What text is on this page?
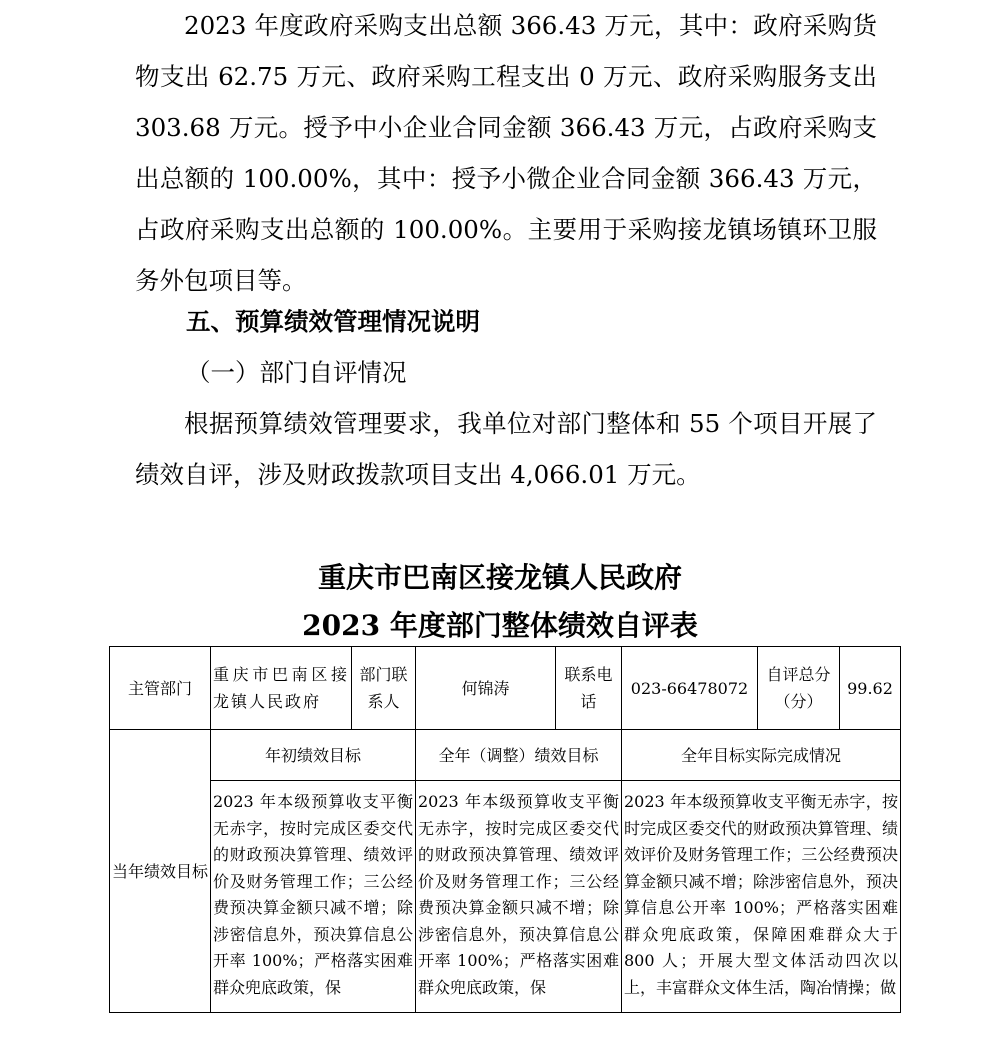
2023 年度政府采购支出总额 366.43 万元，其中：政府采购货物支出 62.75 万元、政府采购工程支出 0 万元、政府采购服务支出 303.68 万元。授予中小企业合同金额 366.43 万元，占政府采购支出总额的 100.00%，其中：授予小微企业合同金额 366.43 万元，占政府采购支出总额的 100.00%。主要用于采购接龙镇场镇环卫服务外包项目等。

五、预算绩效管理情况说明

（一）部门自评情况

根据预算绩效管理要求，我单位对部门整体和 55 个项目开展了绩效自评，涉及财政拨款项目支出 4,066.01 万元。

重庆市巴南区接龙镇人民政府

2023 年度部门整体绩效自评表

主管部门	重庆市巴南区接龙镇人民政府	部门联系人	何锦涛	联系电话	023-66478072	自评总分（分）	99.62
当年绩效目标	年初绩效目标		全年（调整）绩效目标		全年目标实际完成情况		

	2023 年本级预算收支平衡无赤字，按时完成区委交代的财政预决算管理、绩效评价及财务管理工作；三公经费预决算金额只减不增；除涉密信息外，预决算信息公开率 100%；严格落实困难群众兜底政策，保		2023 年本级预算收支平衡无赤字，按时完成区委交代的财政预决算管理、绩效评价及财务管理工作；三公经费预决算金额只减不增；除涉密信息外，预决算信息公开率 100%；严格落实困难群众兜底政策，保		2023 年本级预算收支平衡无赤字，按时完成区委交代的财政预决算管理、绩效评价及财务管理工作；三公经费预决算金额只减不增；除涉密信息外，预决算信息公开率 100%；严格落实困难群众兜底政策，保障困难群众大于 800 人；开展大型文体活动四次以上，丰富群众文体生活，陶冶情操；做		
